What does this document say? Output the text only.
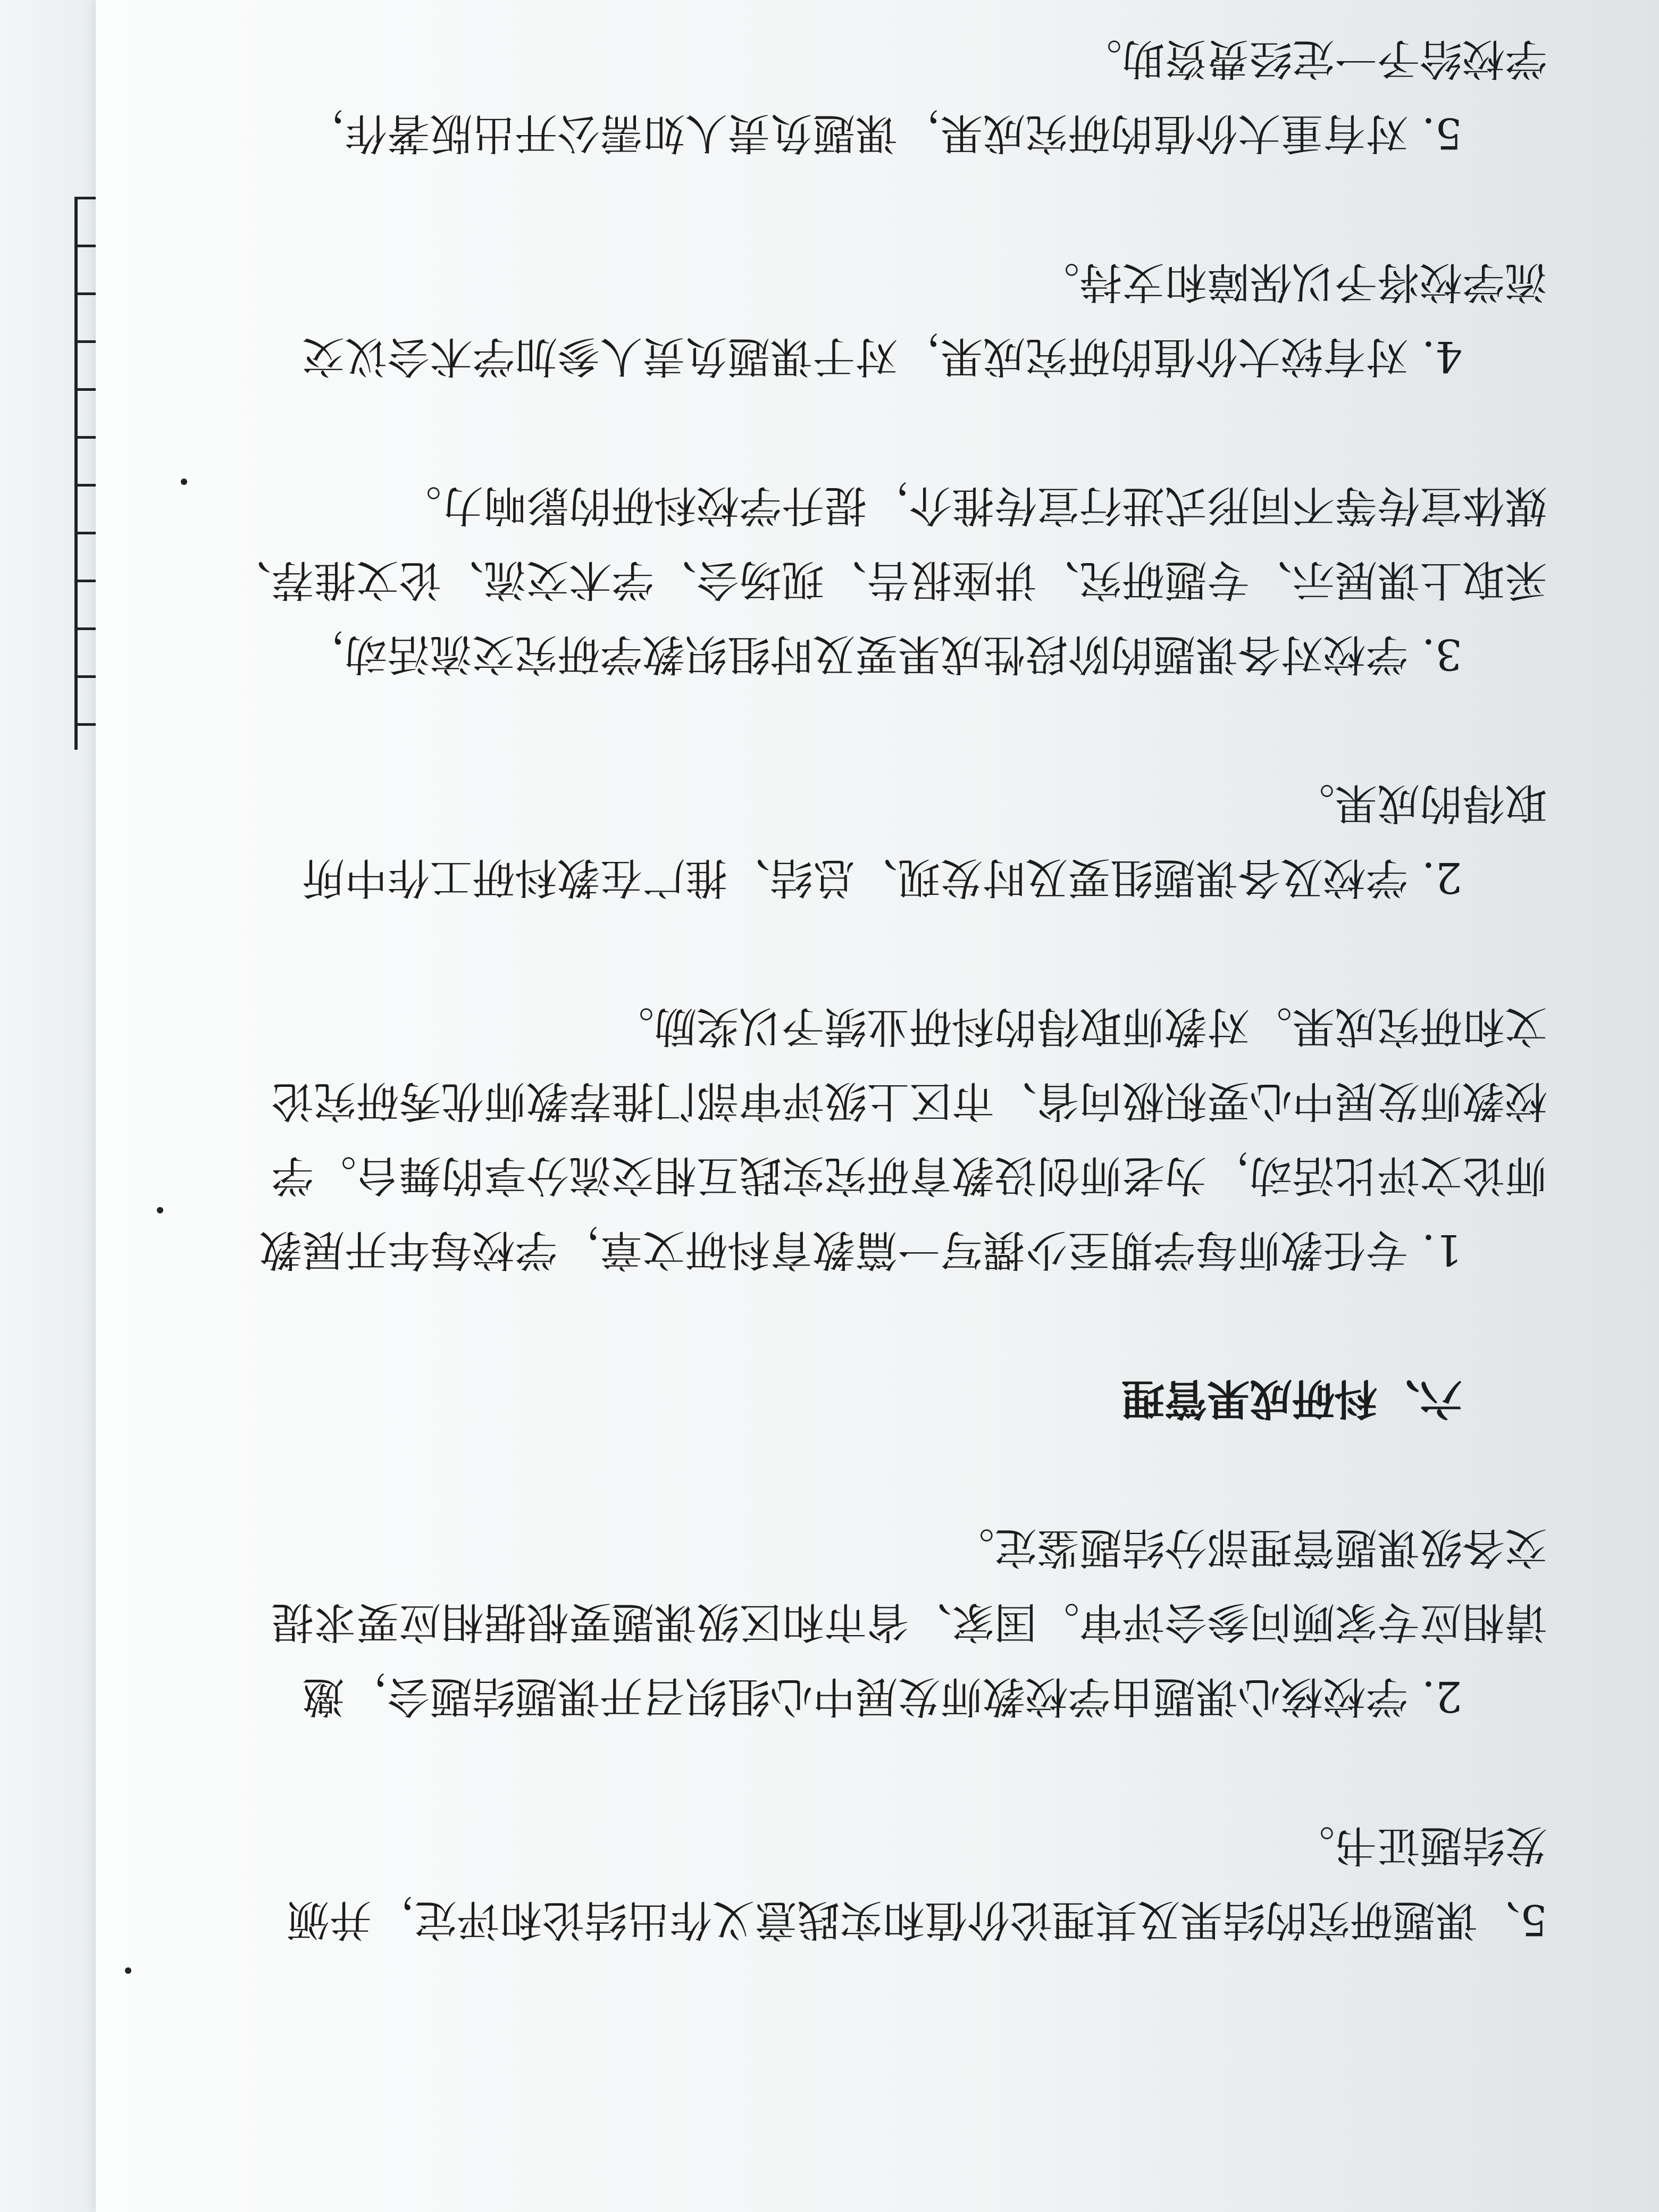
5、课题研究的结果及其理论价值和实践意义作出结论和评定，并颁
发结题证书。
2. 学校核心课题由学校教师发展中心组织召开课题结题会，邀
请相应专家顾问参会评审。国家、省市和区级课题要根据相应要求提
交各级课题管理部分结题鉴定。
六、科研成果管理
1. 专任教师每学期至少撰写一篇教育科研文章，学校每年开展教
师论文评比活动，为老师创设教育研究实践互相交流分享的舞台。学
校教师发展中心要积极向省、市区上级评审部门推荐教师优秀研究论
文和研究成果。对教师取得的科研业绩予以奖励。
2. 学校及各课题组要及时发现、总结、推广在教科研工作中所
取得的成果。
3. 学校对各课题的阶段性成果要及时组织教学研究交流活动，
采取上课展示、专题研究、讲座报告、现场会、学术交流、论文推荐、
媒体宣传等不同形式进行宣传推介，提升学校科研的影响力。
4. 对有较大价值的研究成果，对于课题负责人参加学术会议交
流学校将予以保障和支持。
5. 对有重大价值的研究成果，课题负责人如需公开出版著作，
学校给予一定经费资助。
